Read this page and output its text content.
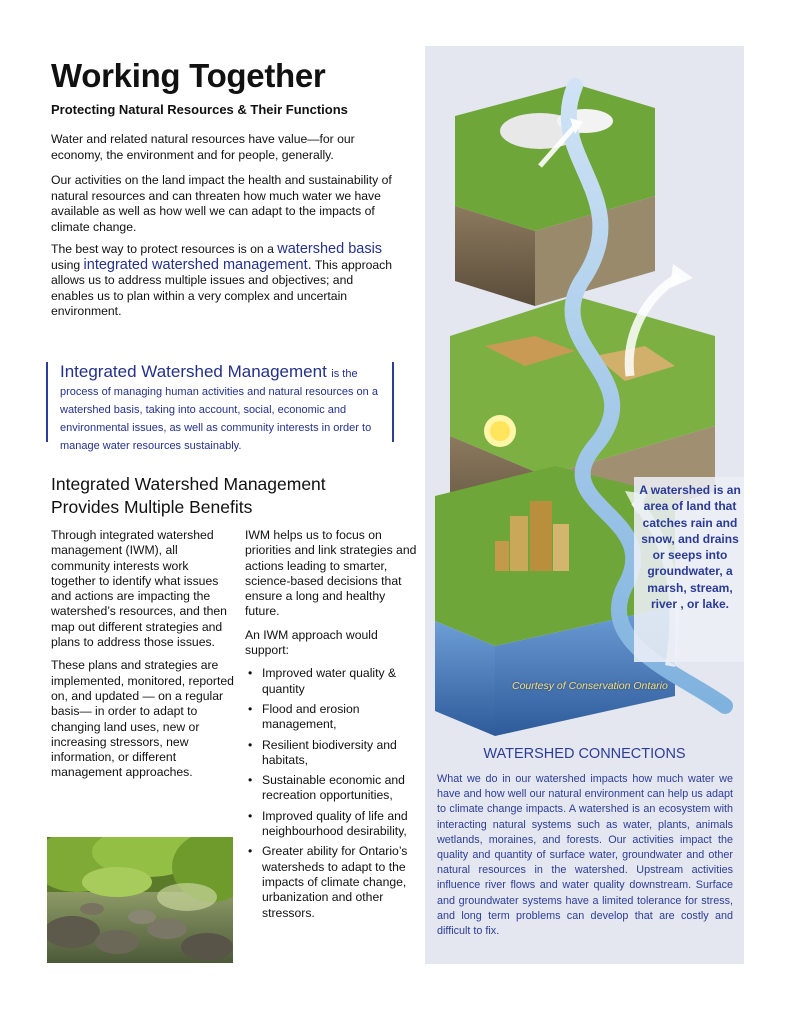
Working Together

Protecting Natural Resources & Their Functions

Water and related natural resources have value—for our economy, the environment and for people, generally.

Our activities on the land impact the health and sustainability of natural resources and can threaten how much water we have available as well as how well we can adapt to the impacts of climate change.

The best way to protect resources is on a watershed basis
using integrated watershed management. This approach allows us to address multiple issues and objectives; and enables us to plan within a very complex and uncertain environment.

Integrated Watershed Management is the
process of managing human activities and natural resources on a watershed basis, taking into account, social, economic and environmental issues, as well as community interests in order to manage water resources sustainably.
Integrated Watershed Management Provides Multiple Benefits

Through integrated watershed management (IWM), all community interests work together to identify what issues and actions are impacting the watershed’s resources, and then map out different strategies and plans to address those issues.

These plans and strategies are implemented, monitored, reported on, and updated — on a regular basis— in order to adapt to changing land uses, new or increasing stressors, new information, or different management approaches.

IWM helps us to focus on priorities and link strategies and actions leading to smarter, science-based decisions that ensure a long and healthy future.

An IWM approach would support:

• Improved water quality & quantity
• Flood and erosion management,
• Resilient biodiversity and habitats,
• Sustainable economic and recreation opportunities,
• Improved quality of life and neighbourhood desirability,
• Greater ability for Ontario’s watersheds to adapt to the impacts of climate change, urbanization and other stressors.
A watershed is an area of land that catches rain and snow, and drains or seeps into groundwater, a marsh, stream, river , or lake.
Courtesy of Conservation Ontario
WATERSHED CONNECTIONS

What we do in our watershed impacts how much water we have and how well our natural environment can help us adapt to climate change impacts. A watershed is an ecosystem with interacting natural systems such as water, plants, animals wetlands, moraines, and forests. Our activities impact the quality and quantity of surface water, groundwater and other natural resources in the watershed. Upstream activities influence river flows and water quality downstream. Surface and groundwater systems have a limited tolerance for stress, and long term problems can develop that are costly and difficult to fix.
